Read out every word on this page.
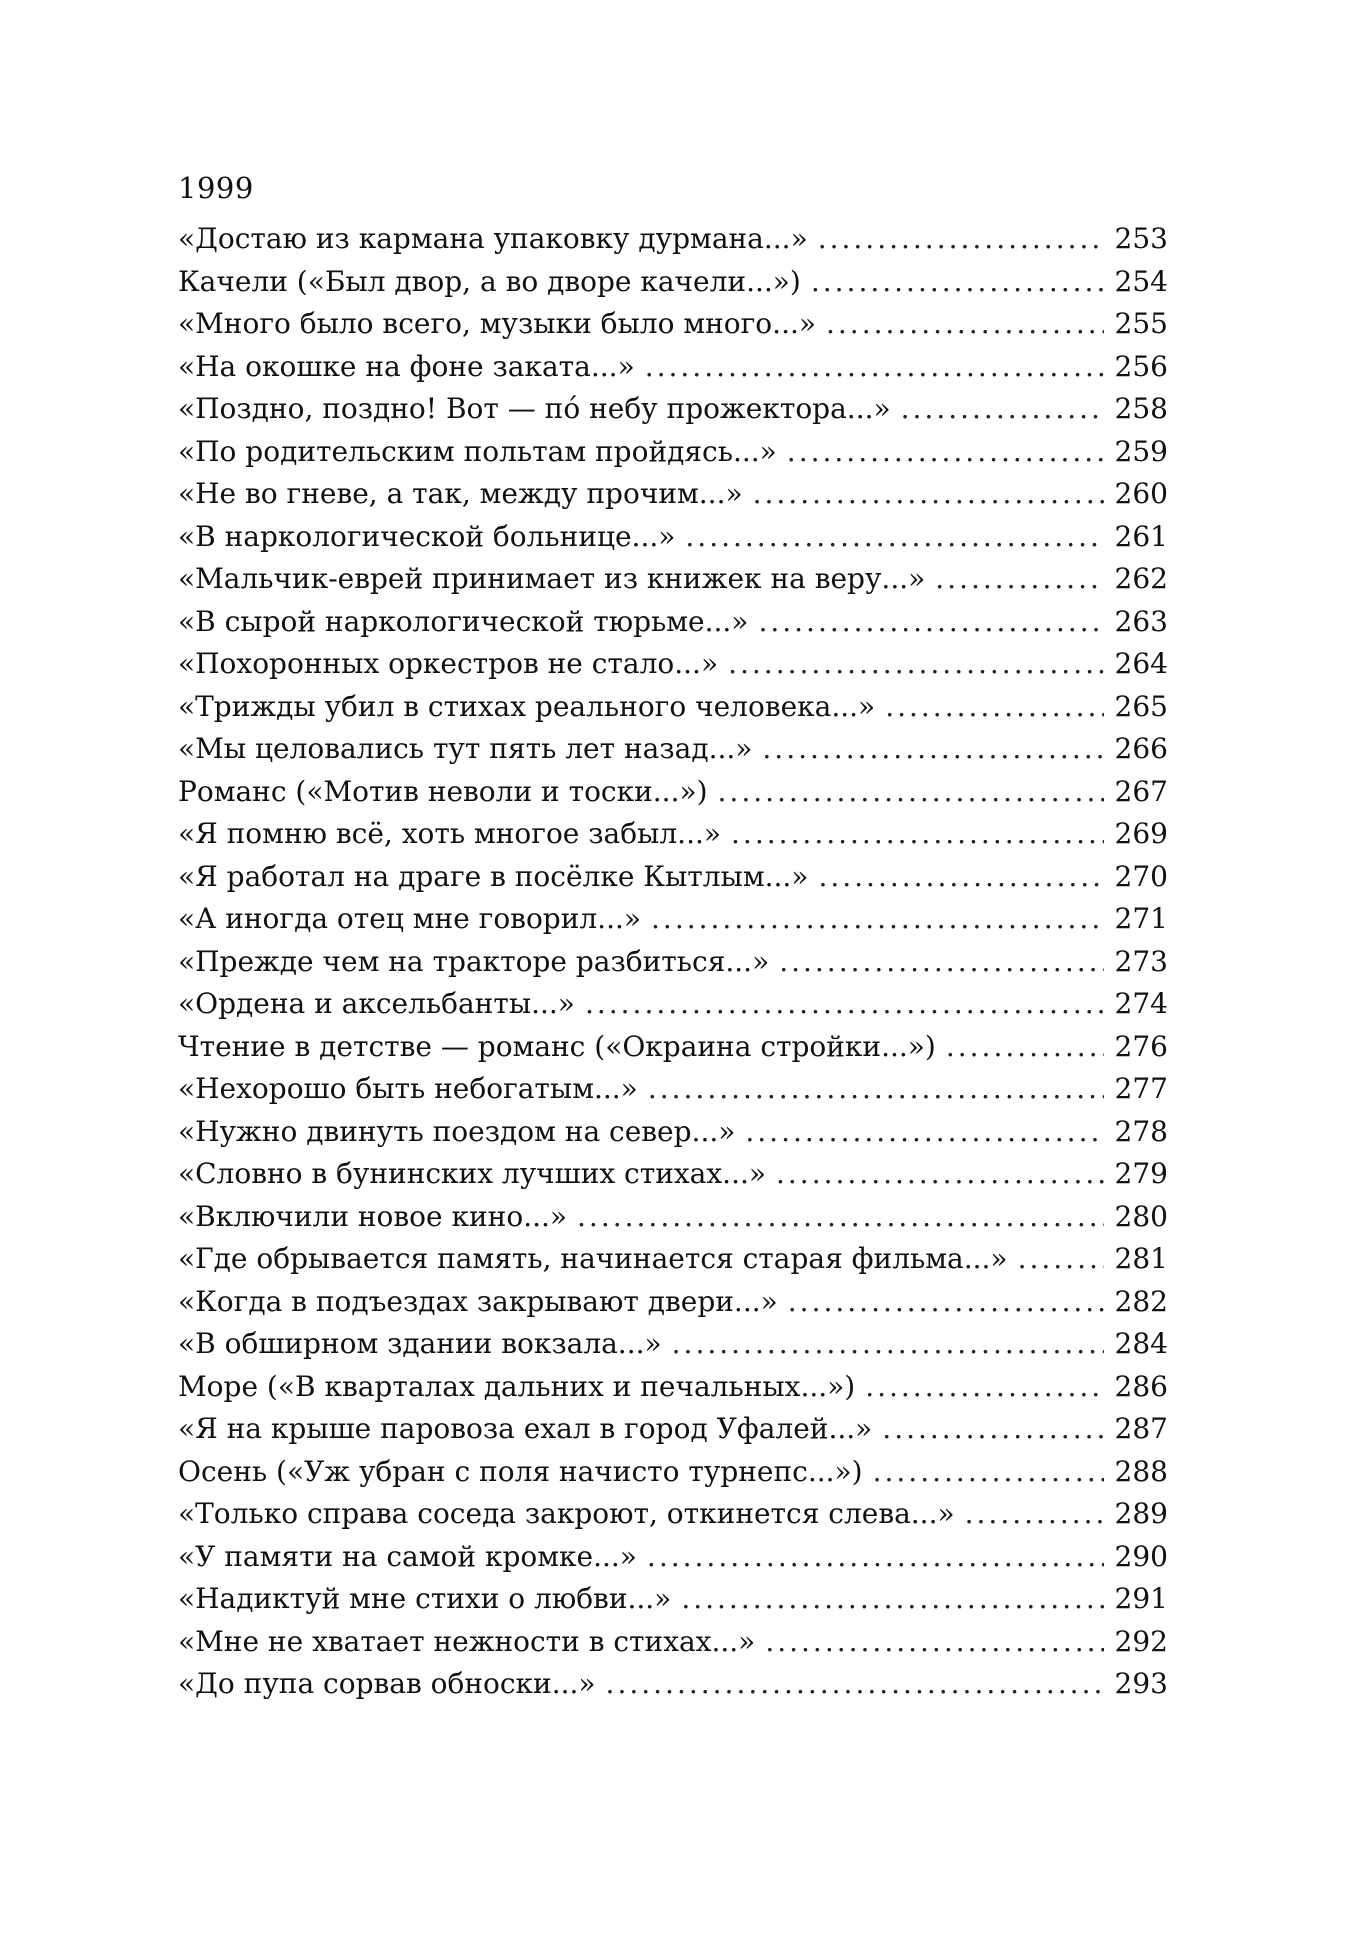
1999
«Достаю из кармана упаковку дурмана...» .....	253
Качели («Был двор, а во дворе качели...») .....	254
«Много было всего, музыки было много...» .....	255
«На окошке на фоне заката...» .....	256
«Поздно, поздно! Вот — по́ небу прожектора...» .....	258
«По родительским польтам пройдясь...» .....	259
«Не во гневе, а так, между прочим...» .....	260
«В наркологической больнице...» .....	261
«Мальчик-еврей принимает из книжек на веру...» .....	262
«В сырой наркологической тюрьме...» .....	263
«Похоронных оркестров не стало...» .....	264
«Трижды убил в стихах реального человека...» .....	265
«Мы целовались тут пять лет назад...» .....	266
Романс («Мотив неволи и тоски...») .....	267
«Я помню всё, хоть многое забыл...» .....	269
«Я работал на драге в посёлке Кытлым...» .....	270
«А иногда отец мне говорил...» .....	271
«Прежде чем на тракторе разбиться...» .....	273
«Ордена и аксельбанты...» .....	274
Чтение в детстве — романс («Окраина стройки...») .....	276
«Нехорошо быть небогатым...» .....	277
«Нужно двинуть поездом на север...» .....	278
«Словно в бунинских лучших стихах...» .....	279
«Включили новое кино...» .....	280
«Где обрывается память, начинается старая фильма...» .....	281
«Когда в подъездах закрывают двери...» .....	282
«В обширном здании вокзала...» .....	284
Море («В кварталах дальних и печальных...») .....	286
«Я на крыше паровоза ехал в город Уфалей...» .....	287
Осень («Уж убран с поля начисто турнепс...») .....	288
«Только справа соседа закроют, откинется слева...» .....	289
«У памяти на самой кромке...» .....	290
«Надиктуй мне стихи о любви...» .....	291
«Мне не хватает нежности в стихах...» .....	292
«До пупа сорвав обноски...» .....	293
